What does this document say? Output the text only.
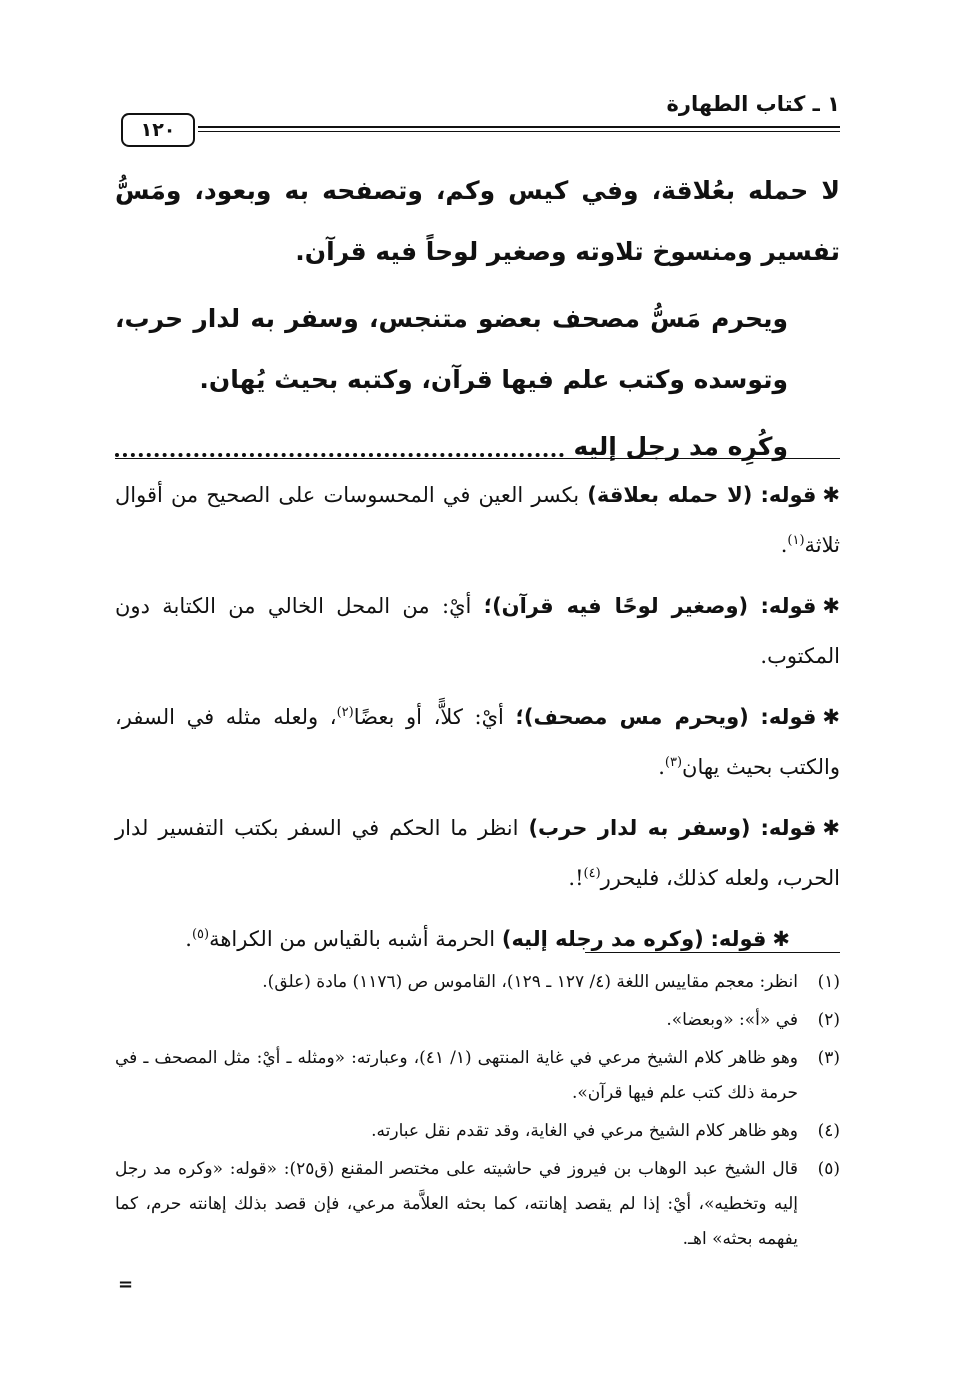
١ ـ كتاب الطهارة
١٢٠

لا حمله بعُلاقة، وفي كيس وكم، وتصفحه به وبعود، ومَسُّ تفسير ومنسوخ تلاوته وصغير لوحاً فيه قرآن.

ويحرم مَسُّ مصحف بعضو متنجس، وسفر به لدار حرب، وتوسده وكتب علم فيها قرآن، وكتبه بحيث يُهان.

وكُرِه مد رجل إليه

✱قوله: (لا حمله بعلاقة) بكسر العين في المحسوسات على الصحيح من أقوال ثلاثة$^{(١)}$.

✱قوله: (وصغير لوحًا فيه قرآن)؛ أيْ: من المحل الخالي من الكتابة دون المكتوب.

✱قوله: (ويحرم مس مصحف)؛ أيْ: كلاًّ، أو بعضًا$^{(٢)}$، ولعله مثله في السفر، والكتب بحيث يهان$^{(٣)}$.

✱قوله: (وسفر به لدار حرب) انظر ما الحكم في السفر بكتب التفسير لدار الحرب، ولعله كذلك، فليحرر$^{(٤)}$!.

✱قوله: (وكره مد رجله إليه) الحرمة أشبه بالقياس من الكراهة$^{(٥)}$.

(١)
انظر: معجم مقاييس اللغة (٤/ ١٢٧ ـ ١٢٩)، القاموس ص (١١٧٦) مادة (علق).
(٢)
في «أ»: «وبعضا».
(٣)
وهو ظاهر كلام الشيخ مرعي في غاية المنتهى (١/ ٤١)، وعبارته: «ومثله ـ أيْ: مثل المصحف ـ في حرمة ذلك كتب علم فيها قرآن».
(٤)
وهو ظاهر كلام الشيخ مرعي في الغاية، وقد تقدم نقل عبارته.
(٥)
قال الشيخ عبد الوهاب بن فيروز في حاشيته على مختصر المقنع (ق٢٥): «قوله: «وكره مد رجل إليه وتخطيه»، أيْ: إذا لم يقصد إهانته، كما بحثه العلاَّمة مرعي، فإن قصد بذلك إهانته حرم، كما يفهمه بحثه» اهـ.
=
